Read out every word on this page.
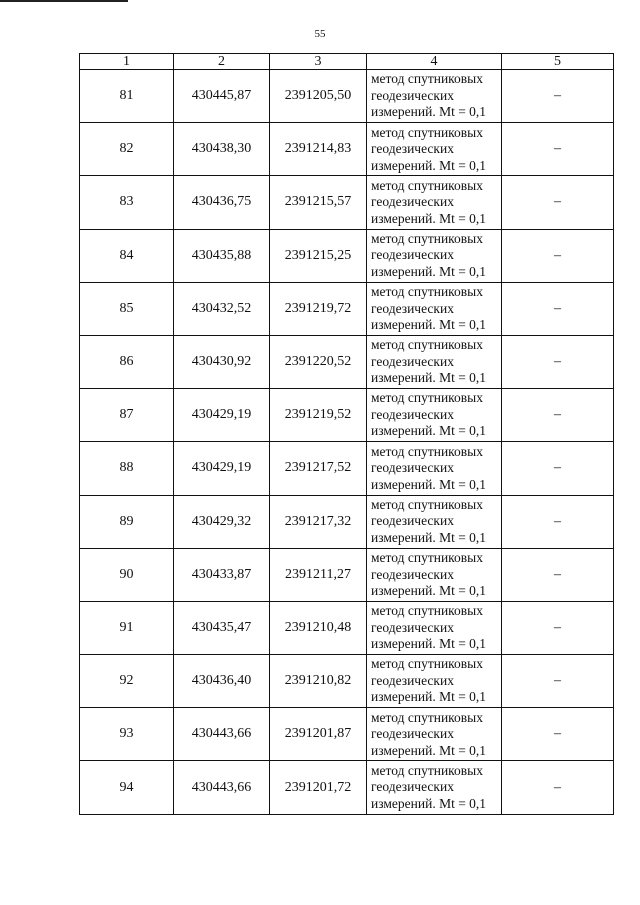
55
1	2	3	4	5
81	430445,87	2391205,50	метод спутниковых
геодезических
измерений. Mt = 0,1	–
82	430438,30	2391214,83	метод спутниковых
геодезических
измерений. Mt = 0,1	–
83	430436,75	2391215,57	метод спутниковых
геодезических
измерений. Mt = 0,1	–
84	430435,88	2391215,25	метод спутниковых
геодезических
измерений. Mt = 0,1	–
85	430432,52	2391219,72	метод спутниковых
геодезических
измерений. Mt = 0,1	–
86	430430,92	2391220,52	метод спутниковых
геодезических
измерений. Mt = 0,1	–
87	430429,19	2391219,52	метод спутниковых
геодезических
измерений. Mt = 0,1	–
88	430429,19	2391217,52	метод спутниковых
геодезических
измерений. Mt = 0,1	–
89	430429,32	2391217,32	метод спутниковых
геодезических
измерений. Mt = 0,1	–
90	430433,87	2391211,27	метод спутниковых
геодезических
измерений. Mt = 0,1	–
91	430435,47	2391210,48	метод спутниковых
геодезических
измерений. Mt = 0,1	–
92	430436,40	2391210,82	метод спутниковых
геодезических
измерений. Mt = 0,1	–
93	430443,66	2391201,87	метод спутниковых
геодезических
измерений. Mt = 0,1	–
94	430443,66	2391201,72	метод спутниковых
геодезических
измерений. Mt = 0,1	–
